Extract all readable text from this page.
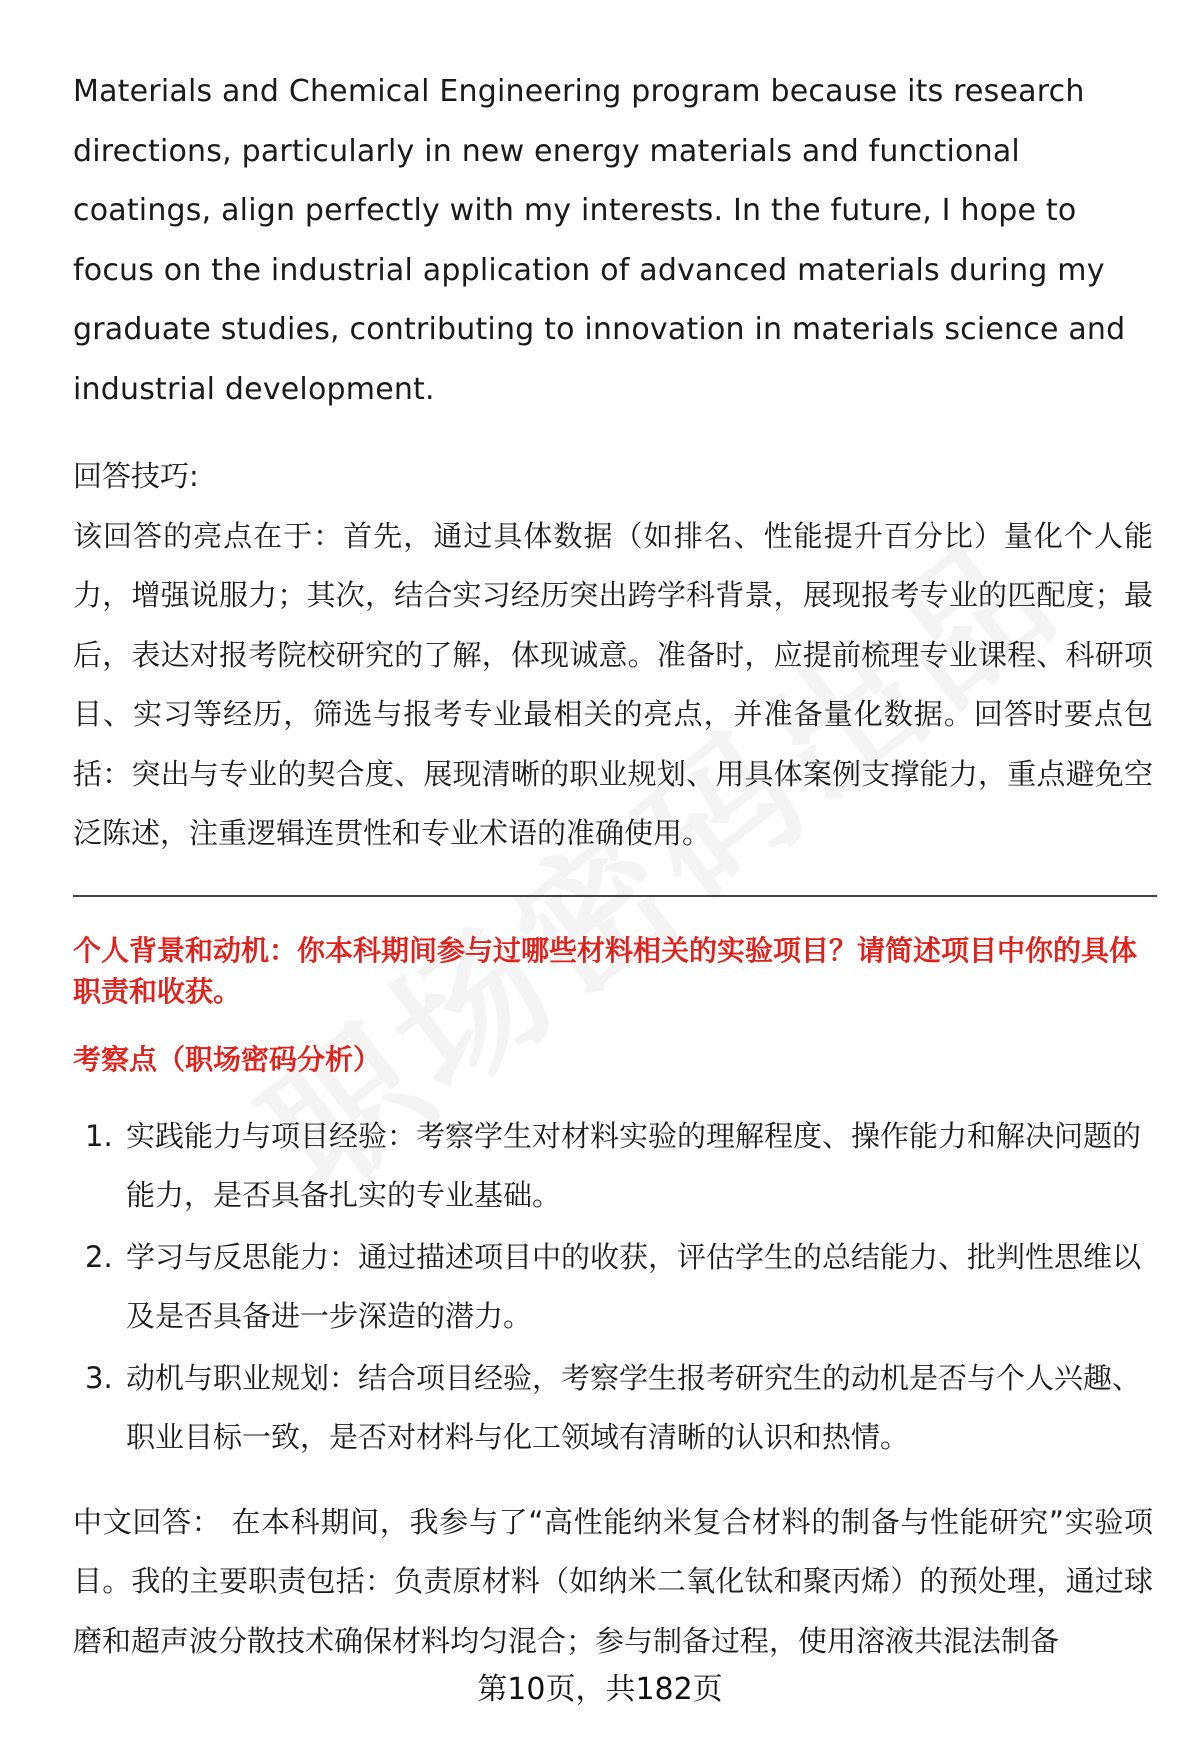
Materials and Chemical Engineering program because its research directions, particularly in new energy materials and functional coatings, align perfectly with my interests. In the future, I hope to focus on the industrial application of advanced materials during my graduate studies, contributing to innovation in materials science and industrial development.

回答技巧:

该回答的亮点在于：首先，通过具体数据（如排名、性能提升百分比）量化个人能力，增强说服力；其次，结合实习经历突出跨学科背景，展现报考专业的匹配度；最后，表达对报考院校研究的了解，体现诚意。准备时，应提前梳理专业课程、科研项目、实习等经历，筛选与报考专业最相关的亮点，并准备量化数据。回答时要点包括：突出与专业的契合度、展现清晰的职业规划、用具体案例支撑能力，重点避免空泛陈述，注重逻辑连贯性和专业术语的准确使用。

个人背景和动机：你本科期间参与过哪些材料相关的实验项目？请简述项目中你的具体职责和收获。
考察点（职场密码分析）
1. 实践能力与项目经验：考察学生对材料实验的理解程度、操作能力和解决问题的能力，是否具备扎实的专业基础。
2. 学习与反思能力：通过描述项目中的收获，评估学生的总结能力、批判性思维以及是否具备进一步深造的潜力。
3. 动机与职业规划：结合项目经验，考察学生报考研究生的动机是否与个人兴趣、职业目标一致，是否对材料与化工领域有清晰的认识和热情。
中文回答： 在本科期间，我参与了“高性能纳米复合材料的制备与性能研究”实验项目。我的主要职责包括：负责原材料（如纳米二氧化钛和聚丙烯）的预处理，通过球磨和超声波分散技术确保材料均匀混合；参与制备过程，使用溶液共混法制备
第10页，共182页
